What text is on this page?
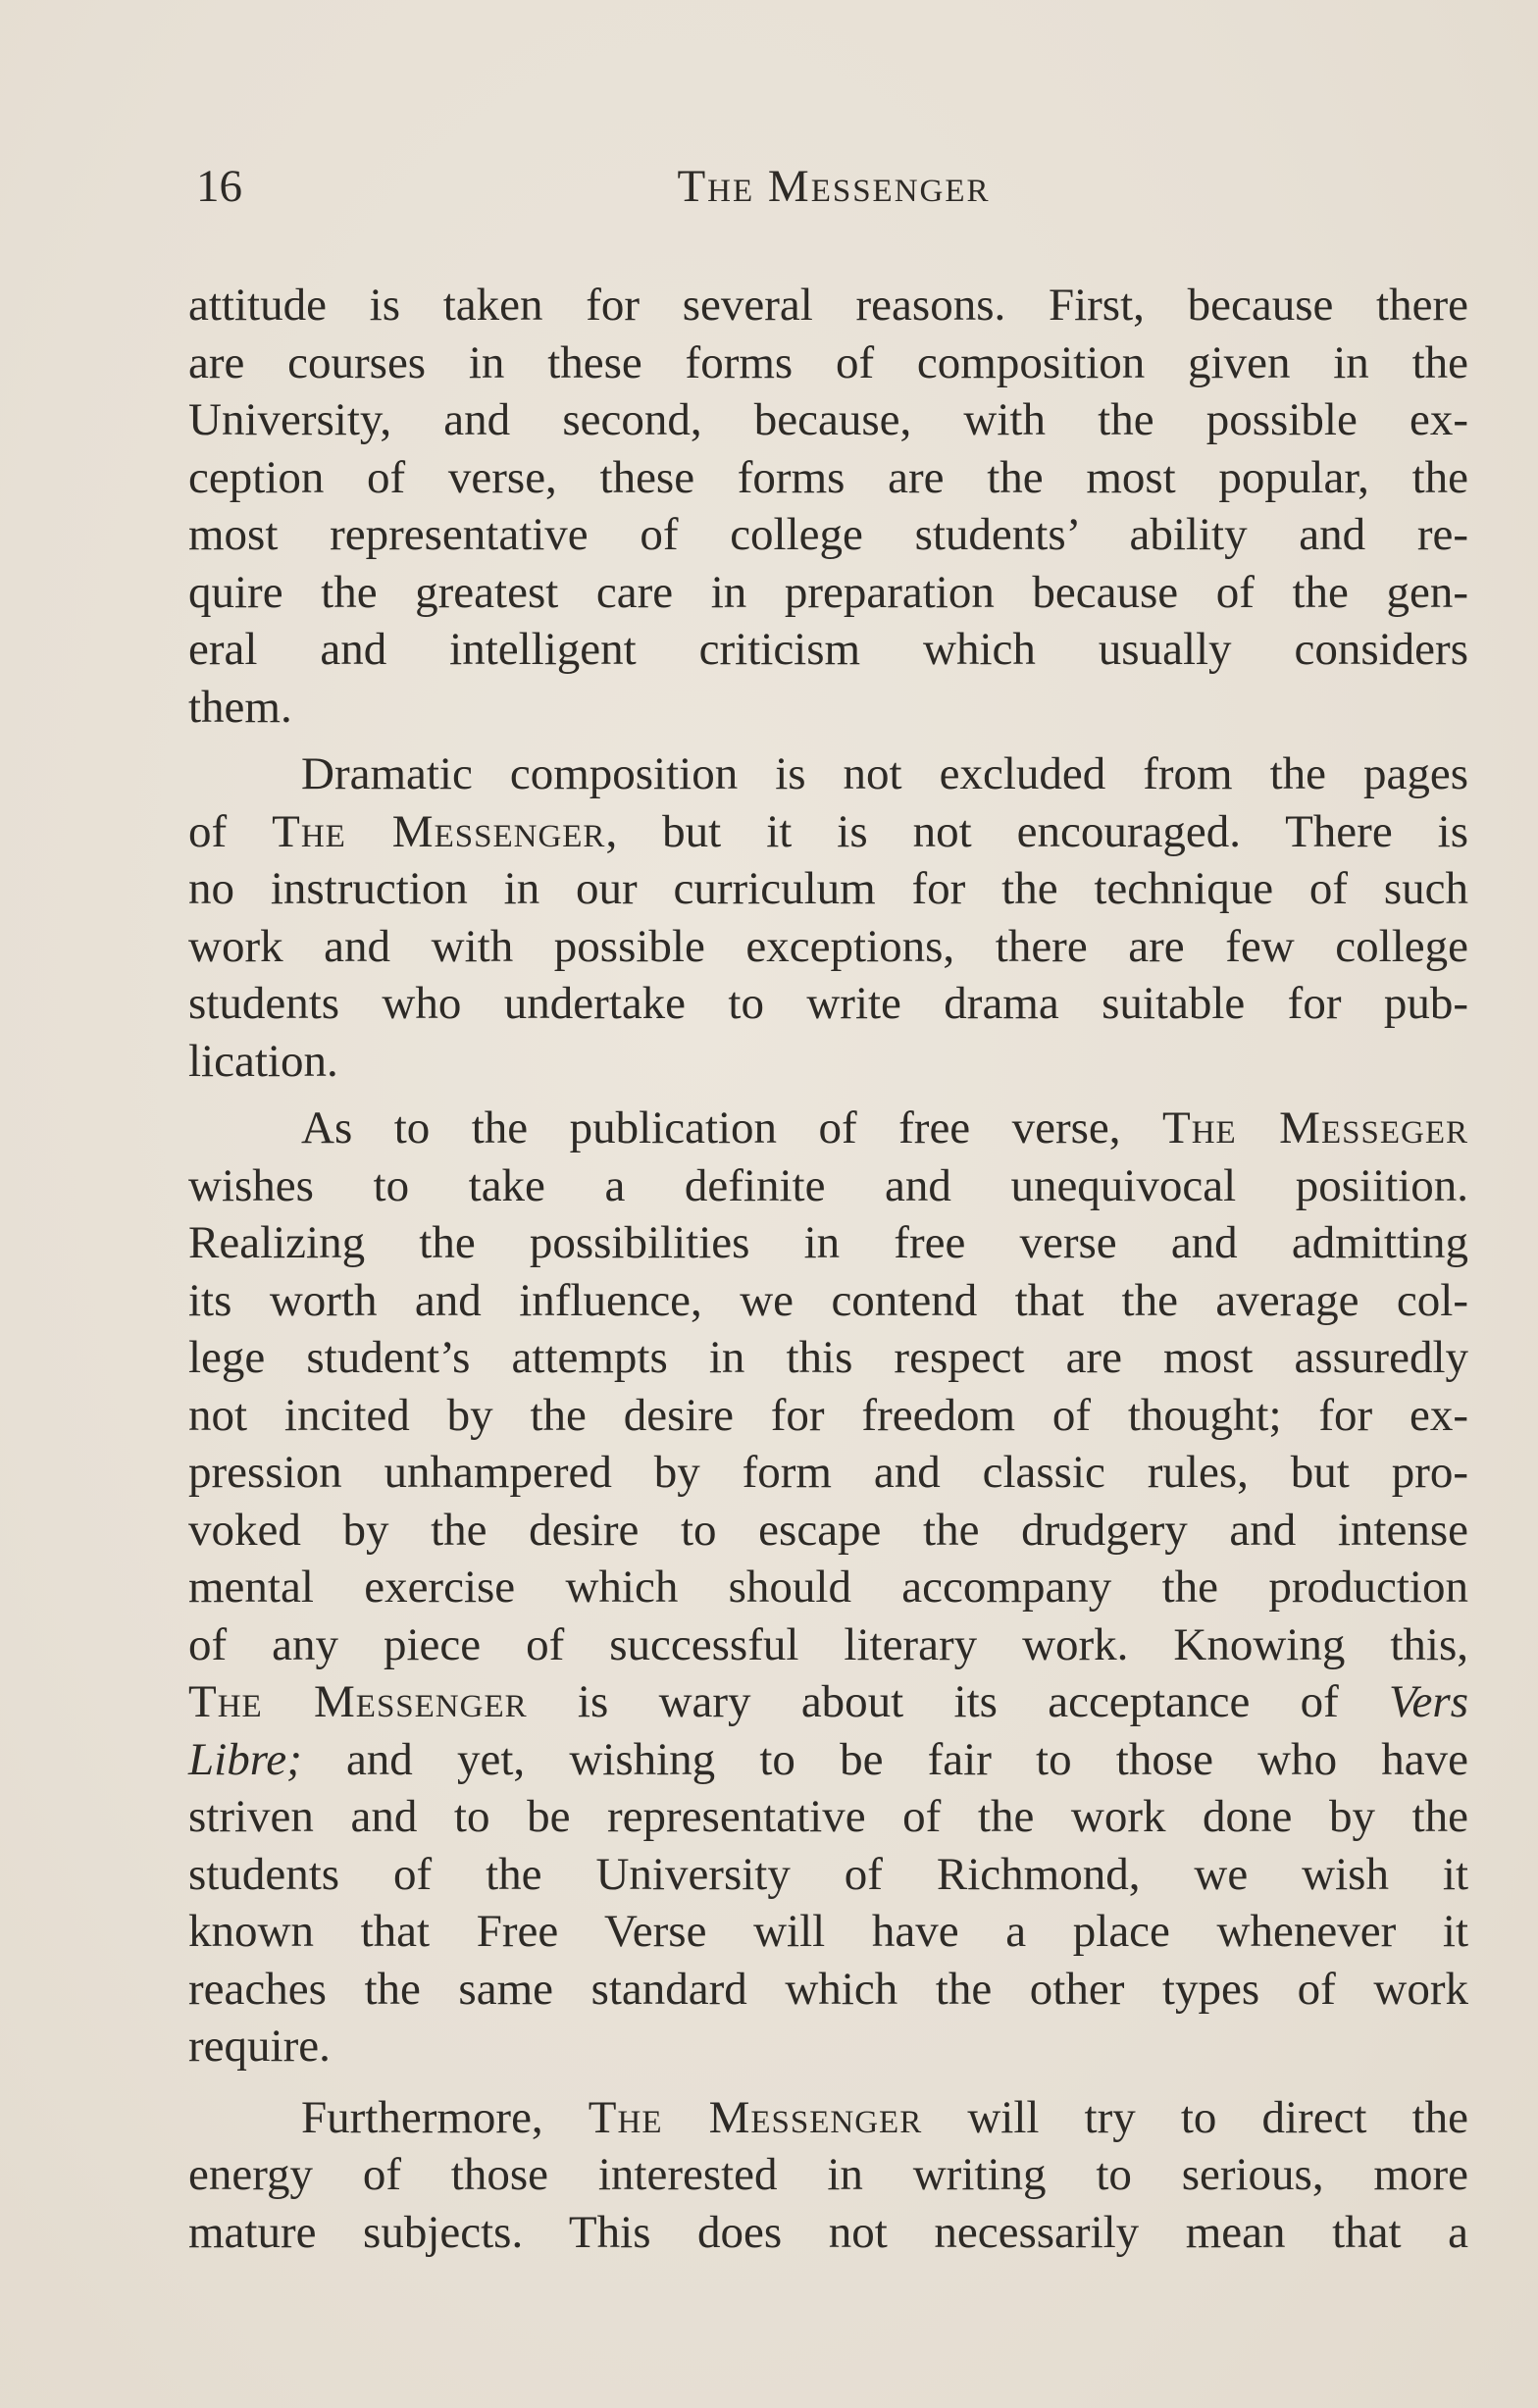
16	The Messenger
attitude is taken for several reasons. First, because there
are courses in these forms of composition given in the
University, and second, because, with the possible ex-
ception of verse, these forms are the most popular, the
most representative of college students’ ability and re-
quire the greatest care in preparation because of the gen-
eral and intelligent criticism which usually considers
them.
Dramatic composition is not excluded from the pages
of The Messenger, but it is not encouraged. There is
no instruction in our curriculum for the technique of such
work and with possible exceptions, there are few college
students who undertake to write drama suitable for pub-
lication.
As to the publication of free verse, The Messeger
wishes to take a definite and unequivocal posiition.
Realizing the possibilities in free verse and admitting
its worth and influence, we contend that the average col-
lege student’s attempts in this respect are most assuredly
not incited by the desire for freedom of thought; for ex-
pression unhampered by form and classic rules, but pro-
voked by the desire to escape the drudgery and intense
mental exercise which should accompany the production
of any piece of successful literary work. Knowing this,
The Messenger is wary about its acceptance of Vers
Libre; and yet, wishing to be fair to those who have
striven and to be representative of the work done by the
students of the University of Richmond, we wish it
known that Free Verse will have a place whenever it
reaches the same standard which the other types of work
require.
Furthermore, The Messenger will try to direct the
energy of those interested in writing to serious, more
mature subjects. This does not necessarily mean that a
